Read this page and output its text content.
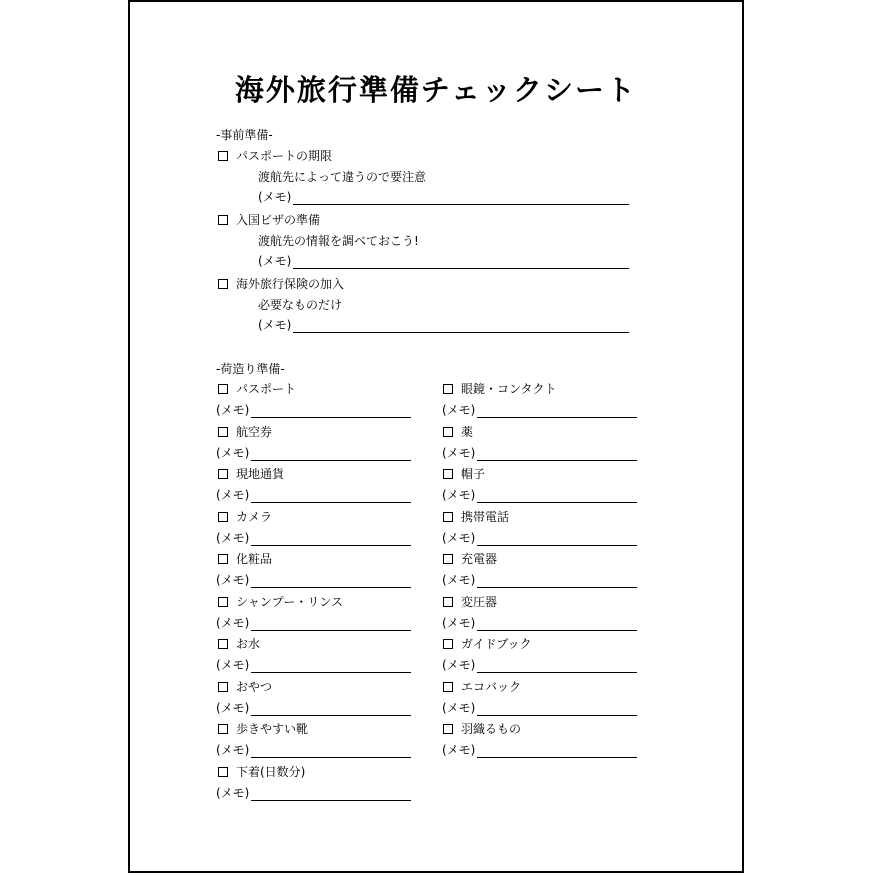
海外旅行準備チェックシート
-事前準備-
パスポートの期限
渡航先によって違うので要注意
(メモ)
入国ビザの準備
渡航先の情報を調べておこう!
(メモ)
海外旅行保険の加入
必要なものだけ
(メモ)
-荷造り準備-
パスポート
(メモ)
航空券
(メモ)
現地通貨
(メモ)
カメラ
(メモ)
化粧品
(メモ)
シャンプー・リンス
(メモ)
お水
(メモ)
おやつ
(メモ)
歩きやすい靴
(メモ)
下着(日数分)
(メモ)
眼鏡・コンタクト
(メモ)
薬
(メモ)
帽子
(メモ)
携帯電話
(メモ)
充電器
(メモ)
変圧器
(メモ)
ガイドブック
(メモ)
エコバック
(メモ)
羽織るもの
(メモ)
